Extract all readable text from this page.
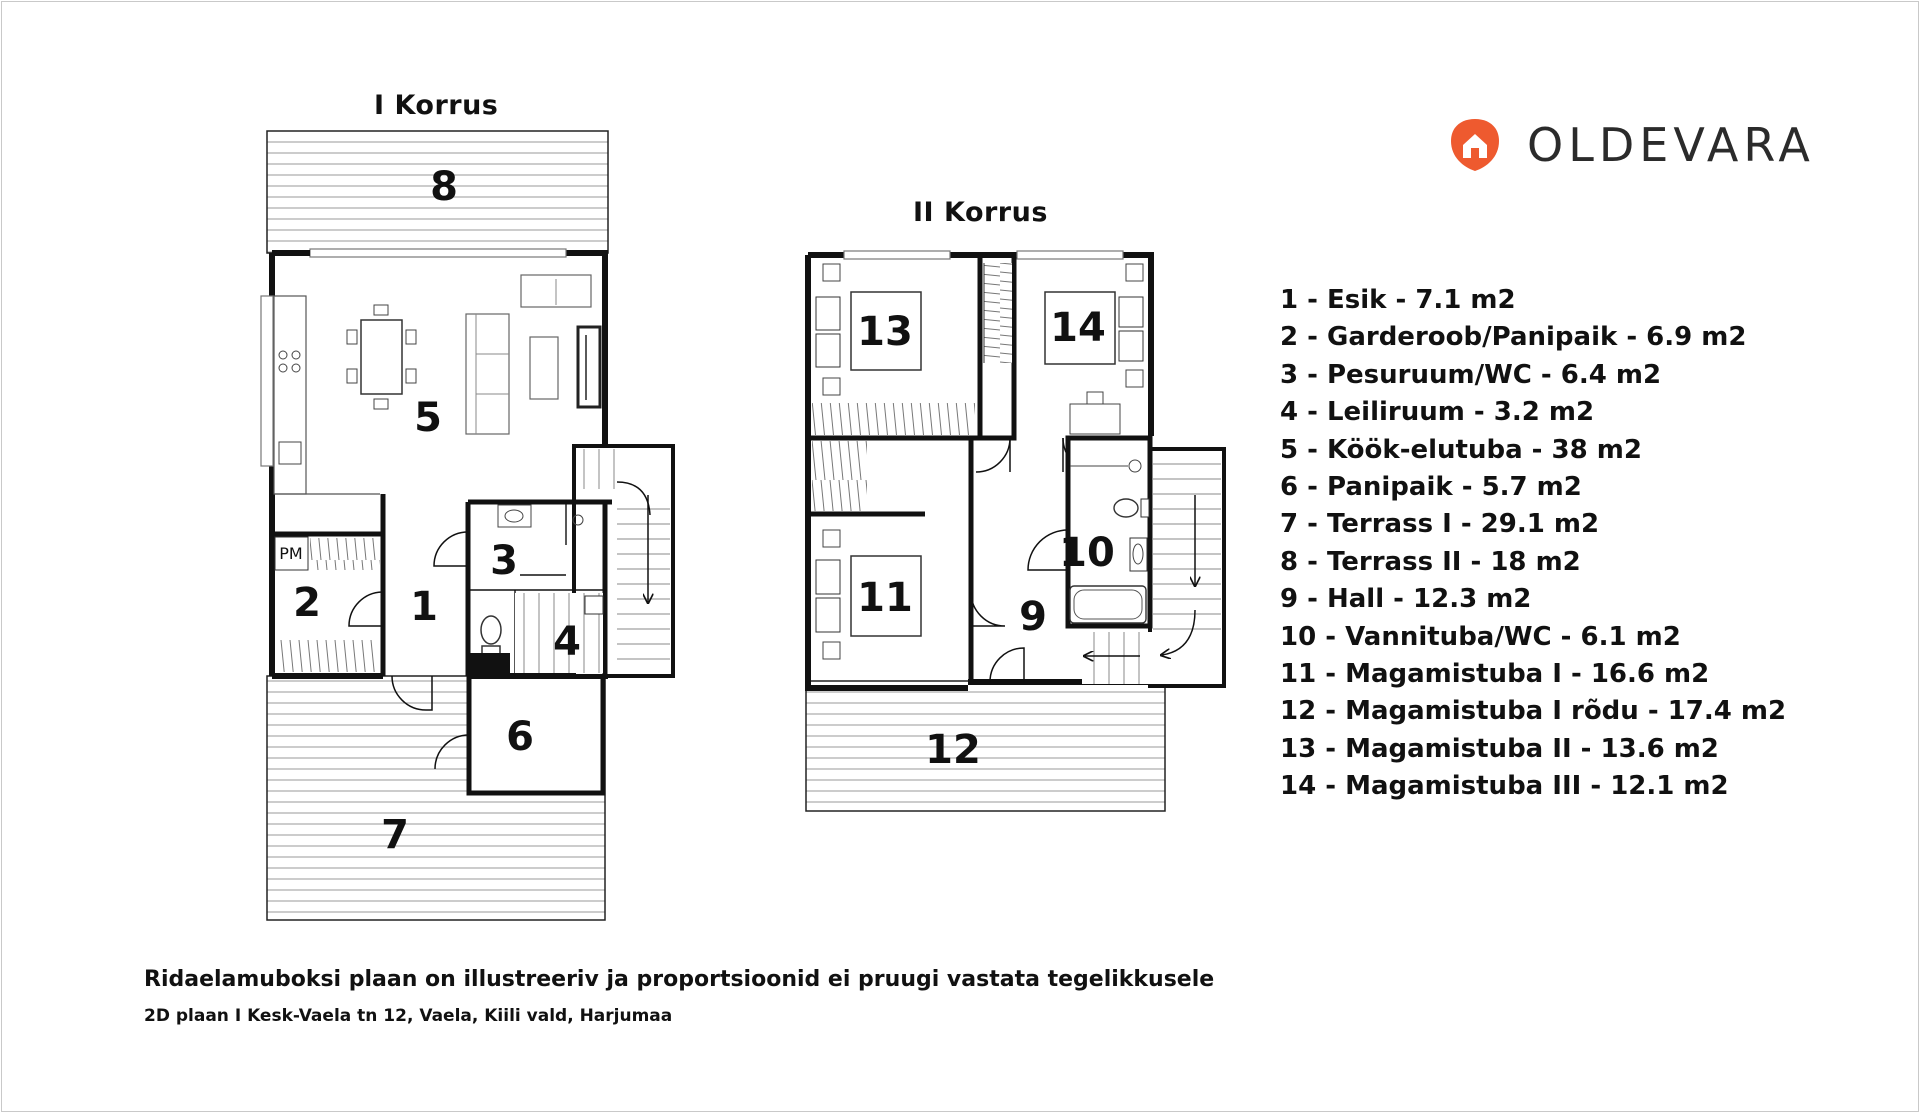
I Korrus
II Korrus
OLDEVARA
8
5
3
2 1
4
6
7
PM
13	14
10
11	9
12
1 - Esik - 7.1 m2
2 - Garderoob/Panipaik - 6.9 m2
3 - Pesuruum/WC - 6.4 m2
4 - Leiliruum - 3.2 m2
5 - Köök-elutuba - 38 m2
6 - Panipaik - 5.7 m2
7 - Terrass I - 29.1 m2
8 - Terrass II - 18 m2
9 - Hall - 12.3 m2
10 - Vannituba/WC - 6.1 m2
11 - Magamistuba I - 16.6 m2
12 - Magamistuba I rõdu - 17.4 m2
13 - Magamistuba II - 13.6 m2
14 - Magamistuba III - 12.1 m2
Ridaelamuboksi plaan on illustreeriv ja proportsioonid ei pruugi vastata tegelikkusele
2D plaan I Kesk-Vaela tn 12, Vaela, Kiili vald, Harjumaa
